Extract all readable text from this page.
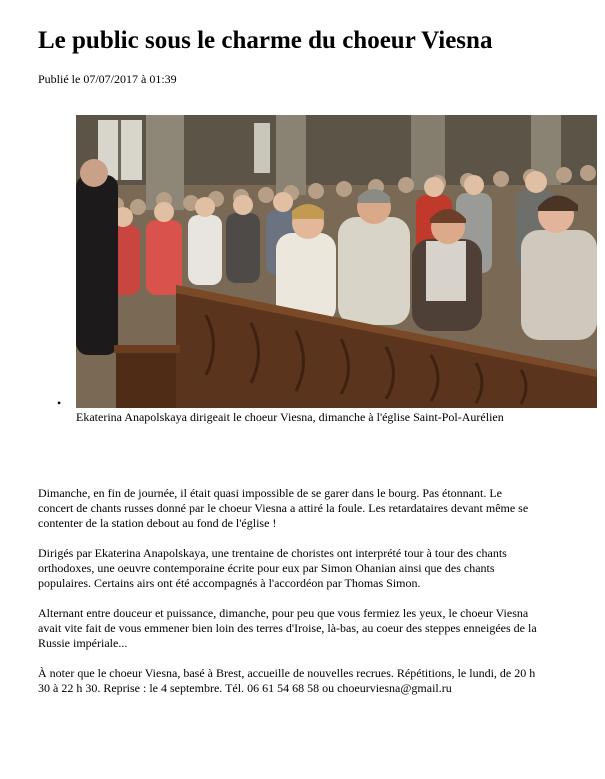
Le public sous le charme du choeur Viesna
Publié le 07/07/2017 à 01:39
•
Ekaterina Anapolskaya dirigeait le choeur Viesna, dimanche à l'église Saint-Pol-Aurélien

Dimanche, en fin de journée, il était quasi impossible de se garer dans le bourg. Pas étonnant. Le concert de chants russes donné par le choeur Viesna a attiré la foule. Les retardataires devant même se contenter de la station debout au fond de l'église !

Dirigés par Ekaterina Anapolskaya, une trentaine de choristes ont interprété tour à tour des chants orthodoxes, une oeuvre contemporaine écrite pour eux par Simon Ohanian ainsi que des chants populaires. Certains airs ont été accompagnés à l'accordéon par Thomas Simon.

Alternant entre douceur et puissance, dimanche, pour peu que vous fermiez les yeux, le choeur Viesna avait vite fait de vous emmener bien loin des terres d'Iroise, là-bas, au coeur des steppes enneigées de la Russie impériale...

À noter que le choeur Viesna, basé à Brest, accueille de nouvelles recrues. Répétitions, le lundi, de 20 h 30 à 22 h 30. Reprise : le 4 septembre. Tél. 06 61 54 68 58 ou choeurviesna@gmail.ru
